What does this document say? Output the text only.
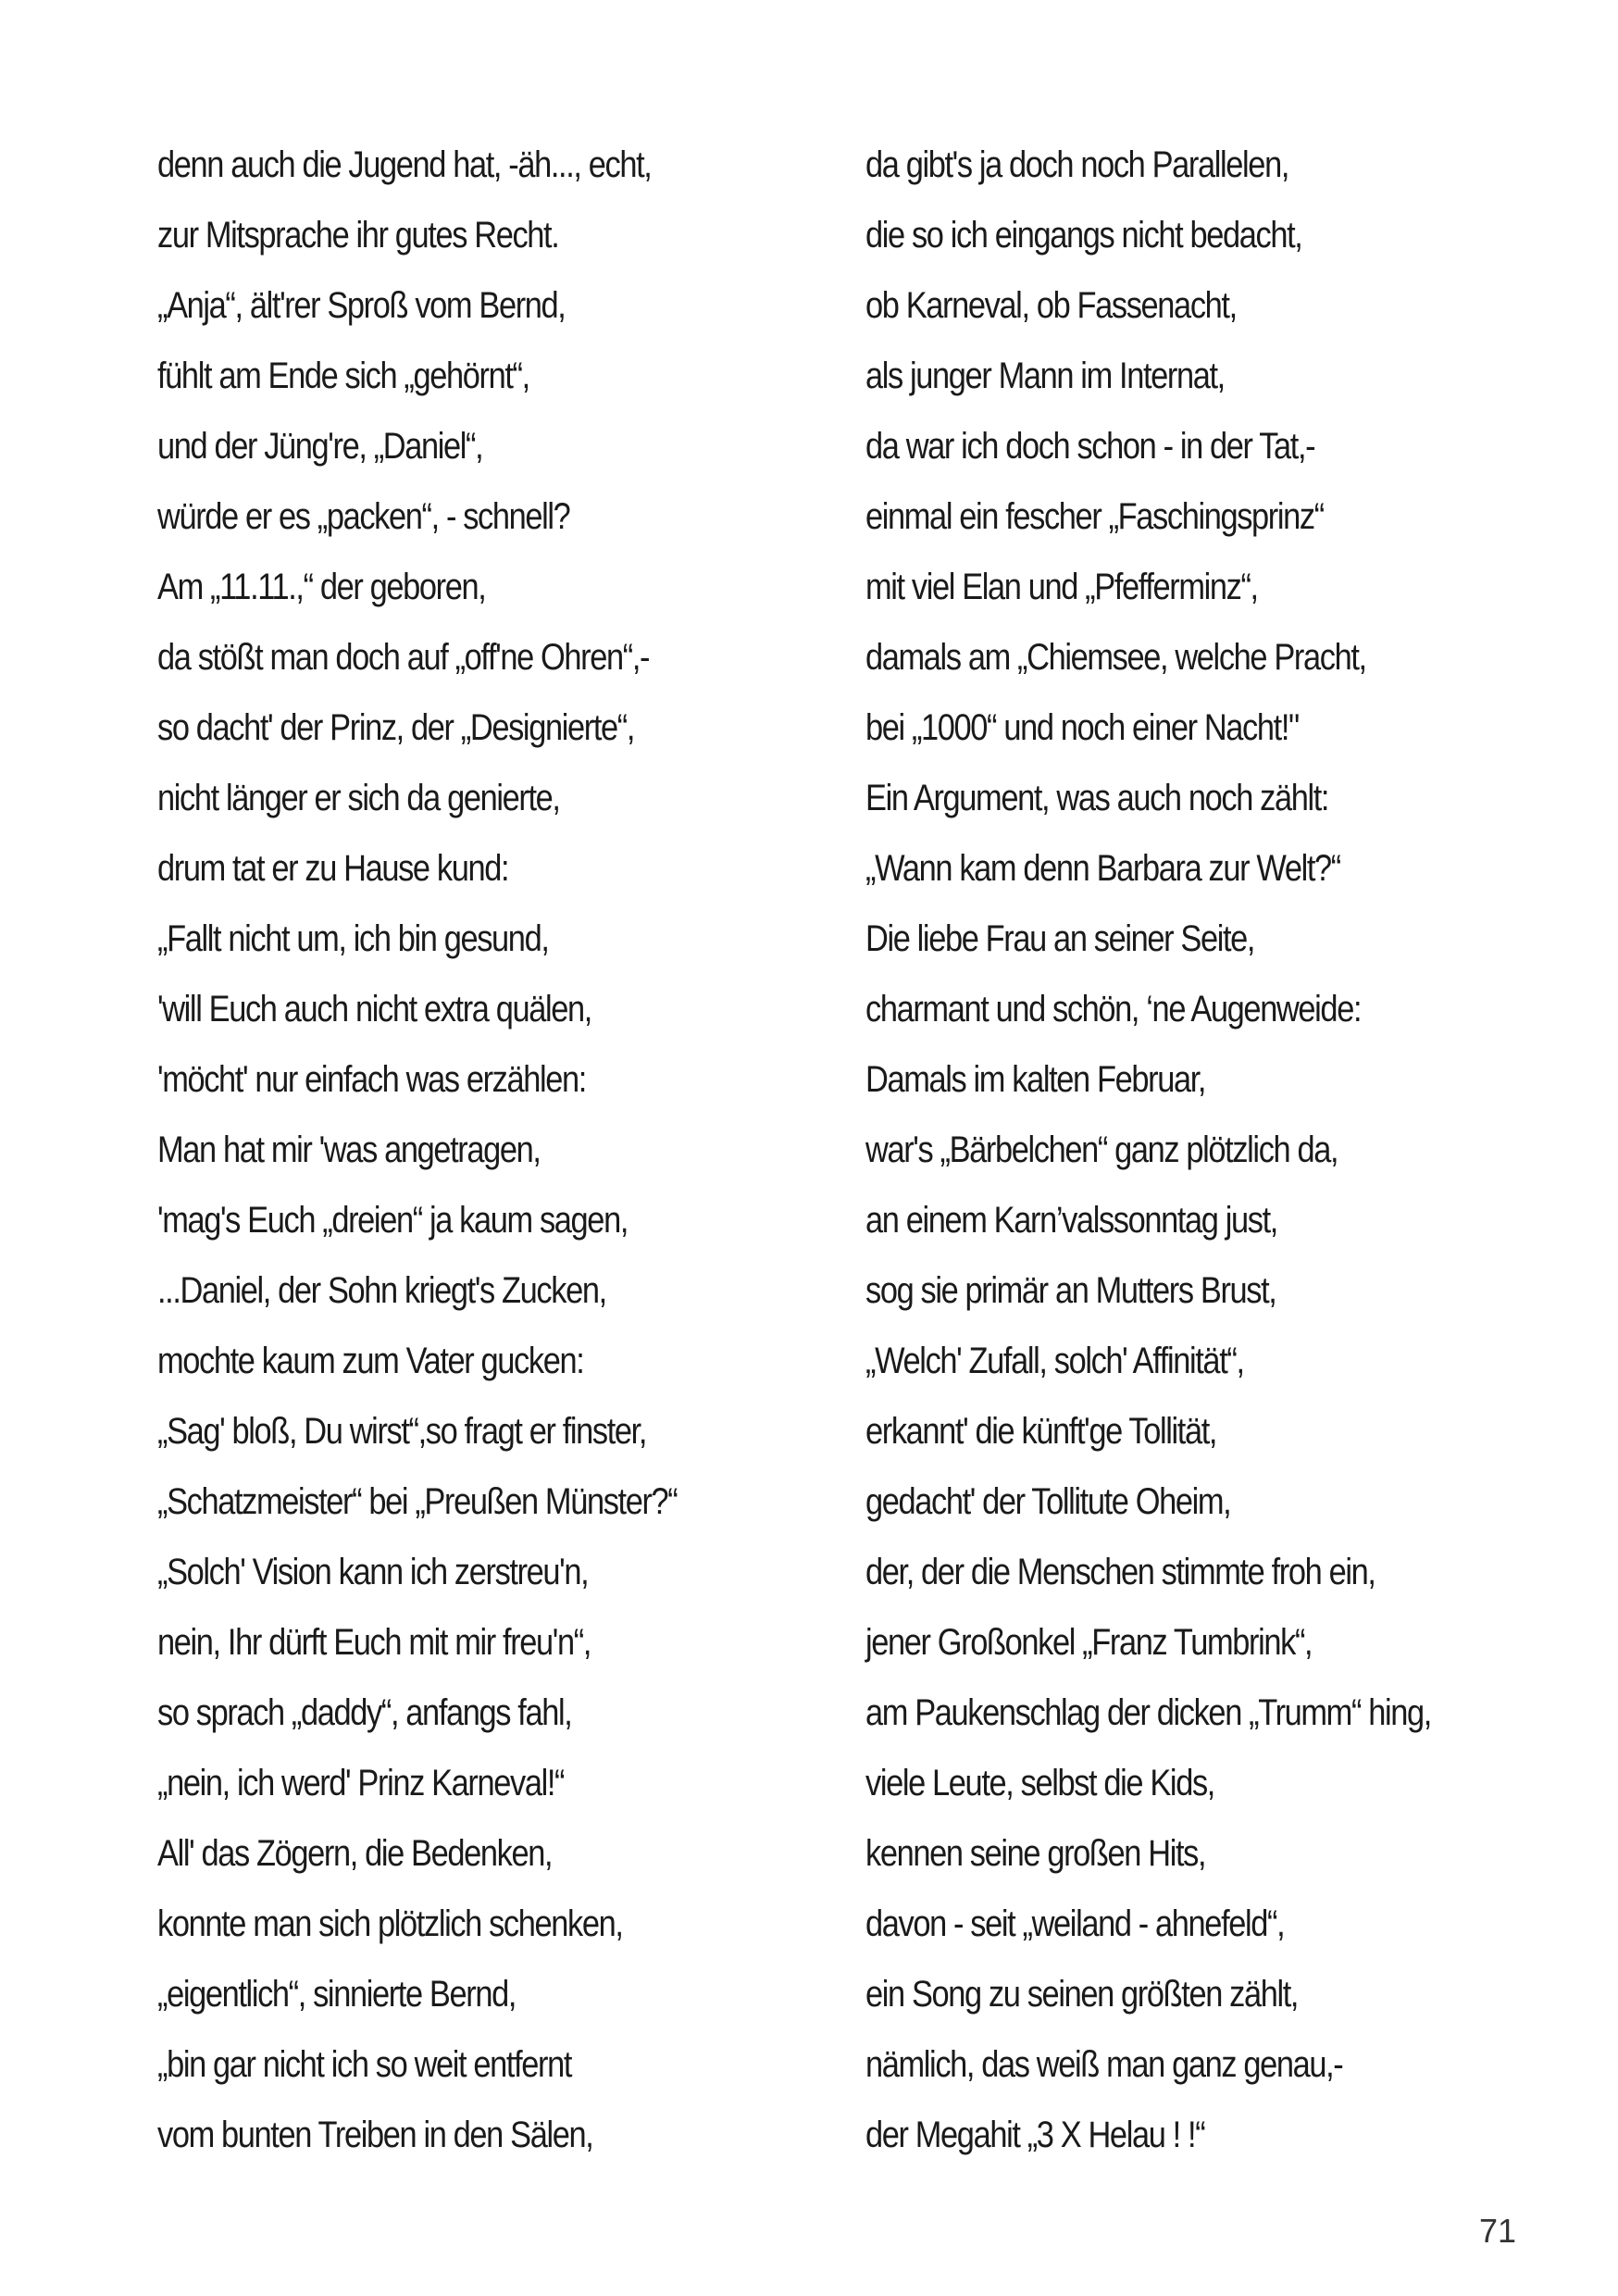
denn auch die Jugend hat, -äh..., echt,
zur Mitsprache ihr gutes Recht.
„Anja“, ält'rer Sproß vom Bernd,
fühlt am Ende sich „gehörnt“,
und der Jüng're, „Daniel“,
würde er es „packen“, - schnell?
Am „11.11.,“ der geboren,
da stößt man doch auf „off'ne Ohren“,-
so dacht' der Prinz, der „Designierte“,
nicht länger er sich da genierte,
drum tat er zu Hause kund:
„Fallt nicht um, ich bin gesund,
'will Euch auch nicht extra quälen,
'möcht' nur einfach was erzählen:
Man hat mir 'was angetragen,
'mag's Euch „dreien“ ja kaum sagen,
...Daniel, der Sohn kriegt's Zucken,
mochte kaum zum Vater gucken:
„Sag' bloß, Du wirst“,so fragt er finster,
„Schatzmeister“ bei „Preußen Münster?“
„Solch' Vision kann ich zerstreu'n,
nein, Ihr dürft Euch mit mir freu'n“,
so sprach „daddy“, anfangs fahl,
„nein, ich werd' Prinz Karneval!“
All' das Zögern, die Bedenken,
konnte man sich plötzlich schenken,
„eigentlich“, sinnierte Bernd,
„bin gar nicht ich so weit entfernt
vom bunten Treiben in den Sälen,
da gibt's ja doch noch Parallelen,
die so ich eingangs nicht bedacht,
ob Karneval, ob Fassenacht,
als junger Mann im Internat,
da war ich doch schon - in der Tat,-
einmal ein fescher „Faschingsprinz“
mit viel Elan und „Pfefferminz“,
damals am „Chiemsee, welche Pracht,
bei „1000“ und noch einer Nacht!"
Ein Argument, was auch noch zählt:
„Wann kam denn Barbara zur Welt?“
Die liebe Frau an seiner Seite,
charmant und schön, ‘ne Augenweide:
Damals im kalten Februar,
war's „Bärbelchen“ ganz plötzlich da,
an einem Karn’valssonntag just,
sog sie primär an Mutters Brust,
„Welch' Zufall, solch' Affinität“,
erkannt' die künft'ge Tollität,
gedacht' der Tollitute Oheim,
der, der die Menschen stimmte froh ein,
jener Großonkel „Franz Tumbrink“,
am Paukenschlag der dicken „Trumm“ hing,
viele Leute, selbst die Kids,
kennen seine großen Hits,
davon - seit „weiland - ahnefeld“,
ein Song zu seinen größten zählt,
nämlich, das weiß man ganz genau,-
der Megahit „3 X Helau ! !“
71
